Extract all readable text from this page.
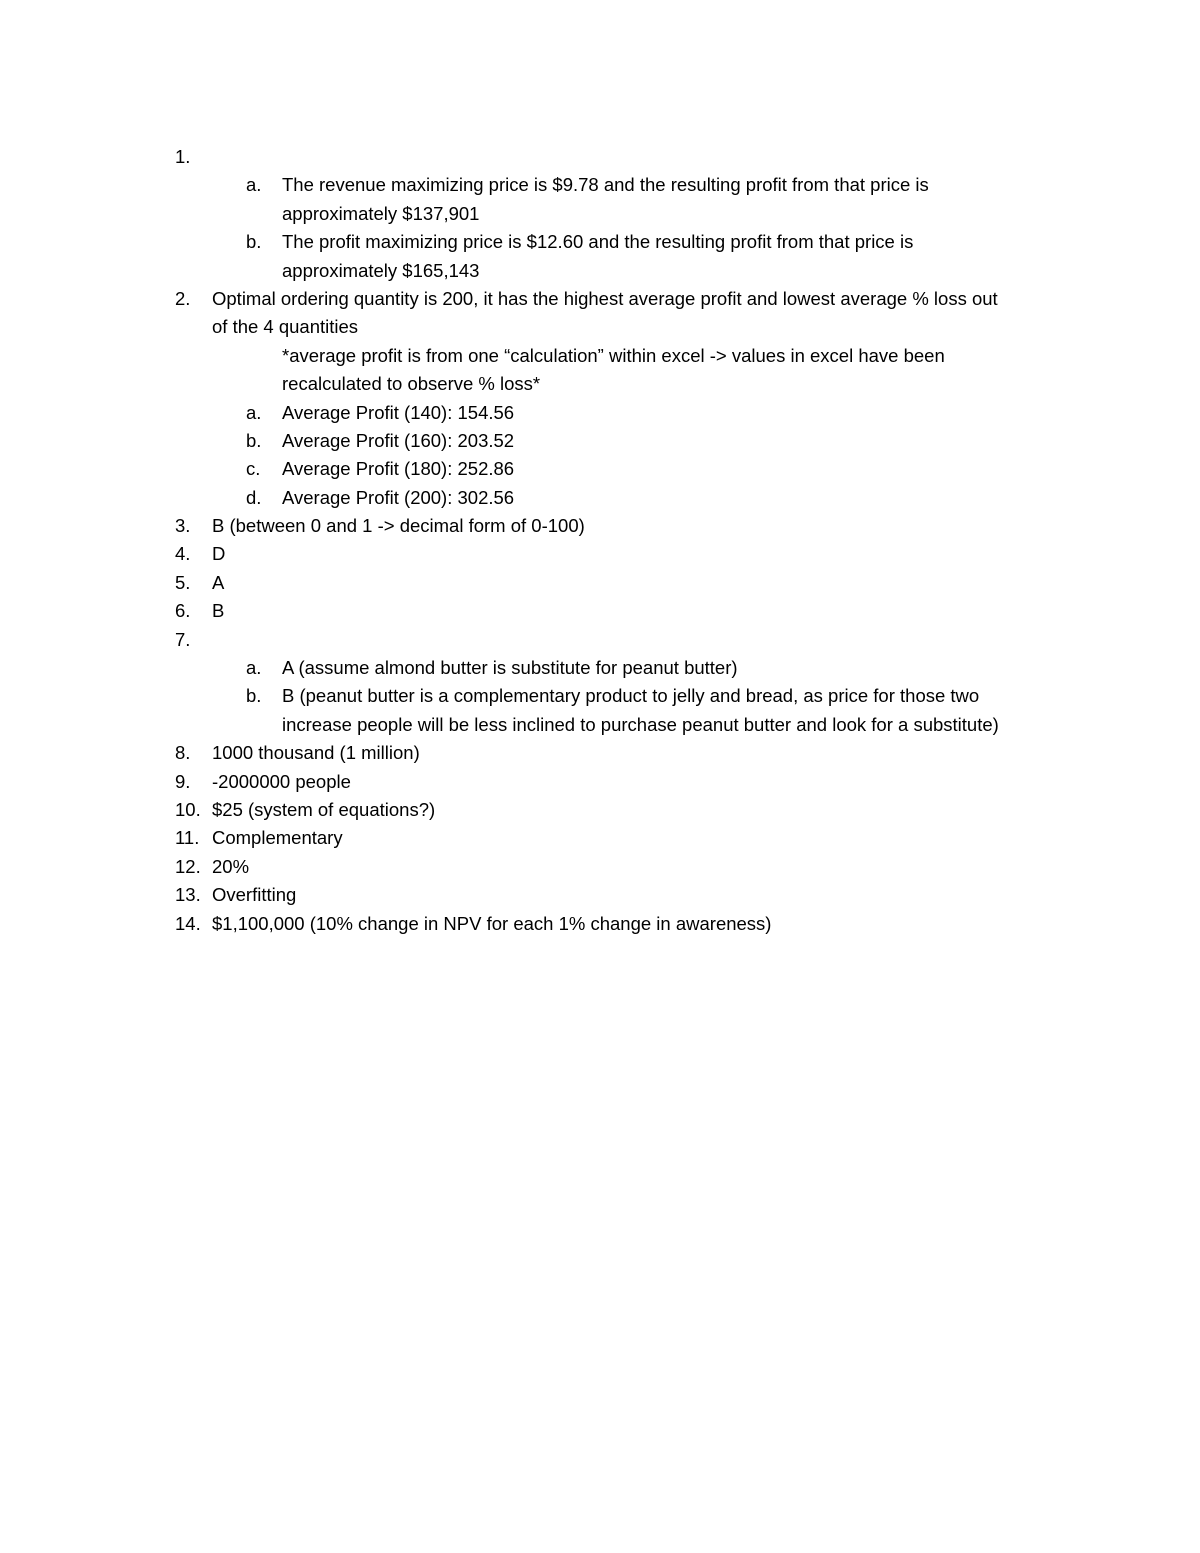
1.
a. The revenue maximizing price is $9.78 and the resulting profit from that price is
approximately $137,901
b. The profit maximizing price is $12.60 and the resulting profit from that price is
approximately $165,143
2. Optimal ordering quantity is 200, it has the highest average profit and lowest average % loss out
of the 4 quantities
*average profit is from one “calculation” within excel -> values in excel have been
recalculated to observe % loss*
a. Average Profit (140): 154.56
b. Average Profit (160): 203.52
c. Average Profit (180): 252.86
d. Average Profit (200): 302.56
3. B (between 0 and 1 -> decimal form of 0-100)
4. D
5. A
6. B
7.
a. A (assume almond butter is substitute for peanut butter)
b. B (peanut butter is a complementary product to jelly and bread, as price for those two
increase people will be less inclined to purchase peanut butter and look for a substitute)
8. 1000 thousand (1 million)
9. -2000000 people
10. $25 (system of equations?)
11. Complementary
12. 20%
13. Overfitting
14. $1,100,000 (10% change in NPV for each 1% change in awareness)
